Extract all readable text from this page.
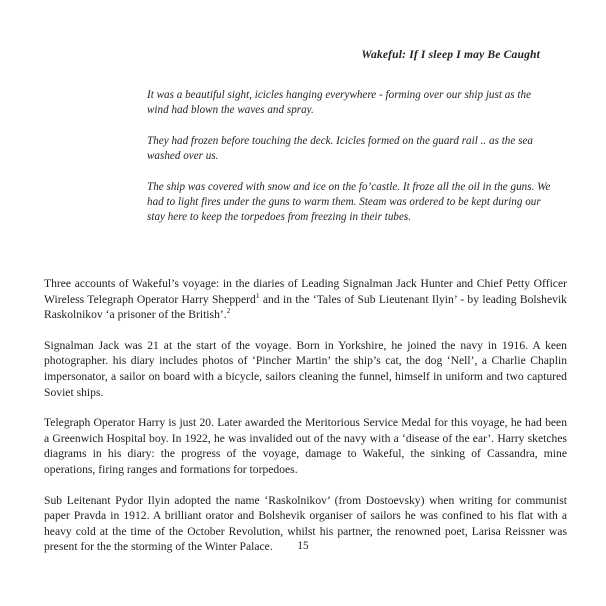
Wakeful: If I sleep I may Be Caught

It was a beautiful sight, icicles hanging everywhere - forming over our ship just as the wind had blown the waves and spray.

They had frozen before touching the deck. Icicles formed on the guard rail .. as the sea washed over us.

The ship was covered with snow and ice on the fo’castle. It froze all the oil in the guns. We had to light fires under the guns to warm them. Steam was ordered to be kept during our stay here to keep the torpedoes from freezing in their tubes.

Three accounts of Wakeful’s voyage: in the diaries of Leading Signalman Jack Hunter and Chief Petty Officer Wireless Telegraph Operator Harry Shepperd$^1$ and in the ‘Tales of Sub Lieutenant Ilyin’ - by leading Bolshevik Raskolnikov ‘a prisoner of the British’.$^2$

Signalman Jack was 21 at the start of the voyage. Born in Yorkshire, he joined the navy in 1916. A keen photographer. his diary includes photos of ‘Pincher Martin’ the ship’s cat, the dog ‘Nell’, a Charlie Chaplin impersonator, a sailor on board with a bicycle, sailors cleaning the funnel, himself in uniform and two captured Soviet ships.

Telegraph Operator Harry is just 20. Later awarded the Meritorious Service Medal for this voyage, he had been a Greenwich Hospital boy. In 1922, he was invalided out of the navy with a ‘disease of the ear’. Harry sketches diagrams in his diary: the progress of the voyage, damage to Wakeful, the sinking of Cassandra, mine operations, firing ranges and formations for torpedoes.

Sub Leitenant Pydor Ilyin adopted the name ‘Raskolnikov’ (from Dostoevsky) when writing for communist paper Pravda in 1912. A brilliant orator and Bolshevik organiser of sailors he was confined to his flat with a heavy cold at the time of the October Revolution, whilst his partner, the renowned poet, Larisa Reissner was present for the the storming of the Winter Palace.	15
